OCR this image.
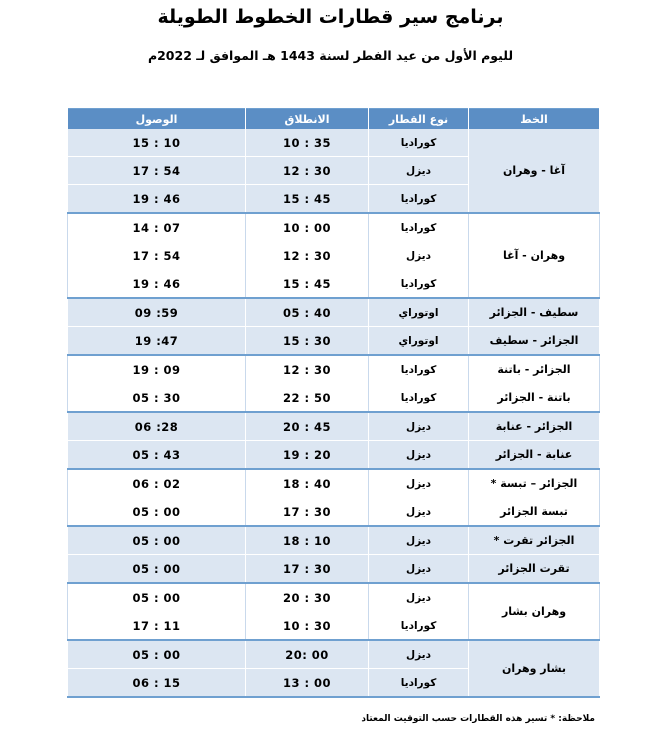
برنامج سير قطارات الخطوط الطويلة
لليوم الأول من عيد الفطر لسنة 1443 هـ الموافق لـ 2022م
الخط	نوع القطار	الانطلاق	الوصول
آغا - وهران	كوراديا	10 : 35	15 : 10
	ديزل	12 : 30	17 : 54
	كوراديا	15 : 45	19 : 46
وهران - آغا	كوراديا	10 : 00	14 : 07
	ديزل	12 : 30	17 : 54
	كوراديا	15 : 45	19 : 46
سطيف - الجزائر	اوتوراي	05 : 40	09 :59
الجزائر - سطيف	اوتوراي	15 : 30	19 :47
الجزائر - باتنة	كوراديا	12 : 30	19 : 09
باتنة - الجزائر	كوراديا	22 : 50	05 : 30
الجزائر - عنابة	ديزل	20 : 45	06 :28
عنابة - الجزائر	ديزل	19 : 20	05 : 43
الجزائر – تبسة *	ديزل	18 : 40	06 : 02
تبسة الجزائر	ديزل	17 : 30	05 : 00
الجزائر تقرت *	ديزل	18 : 10	05 : 00
تقرت الجزائر	ديزل	17 : 30	05 : 00
وهران بشار	ديزل	20 : 30	05 : 00
	كوراديا	10 : 30	17 : 11
بشار وهران	ديزل	20: 00	05 : 00
	كوراديا	13 : 00	06 : 15
ملاحظة: * تسير هذه القطارات حسب التوقيت المعتاد
